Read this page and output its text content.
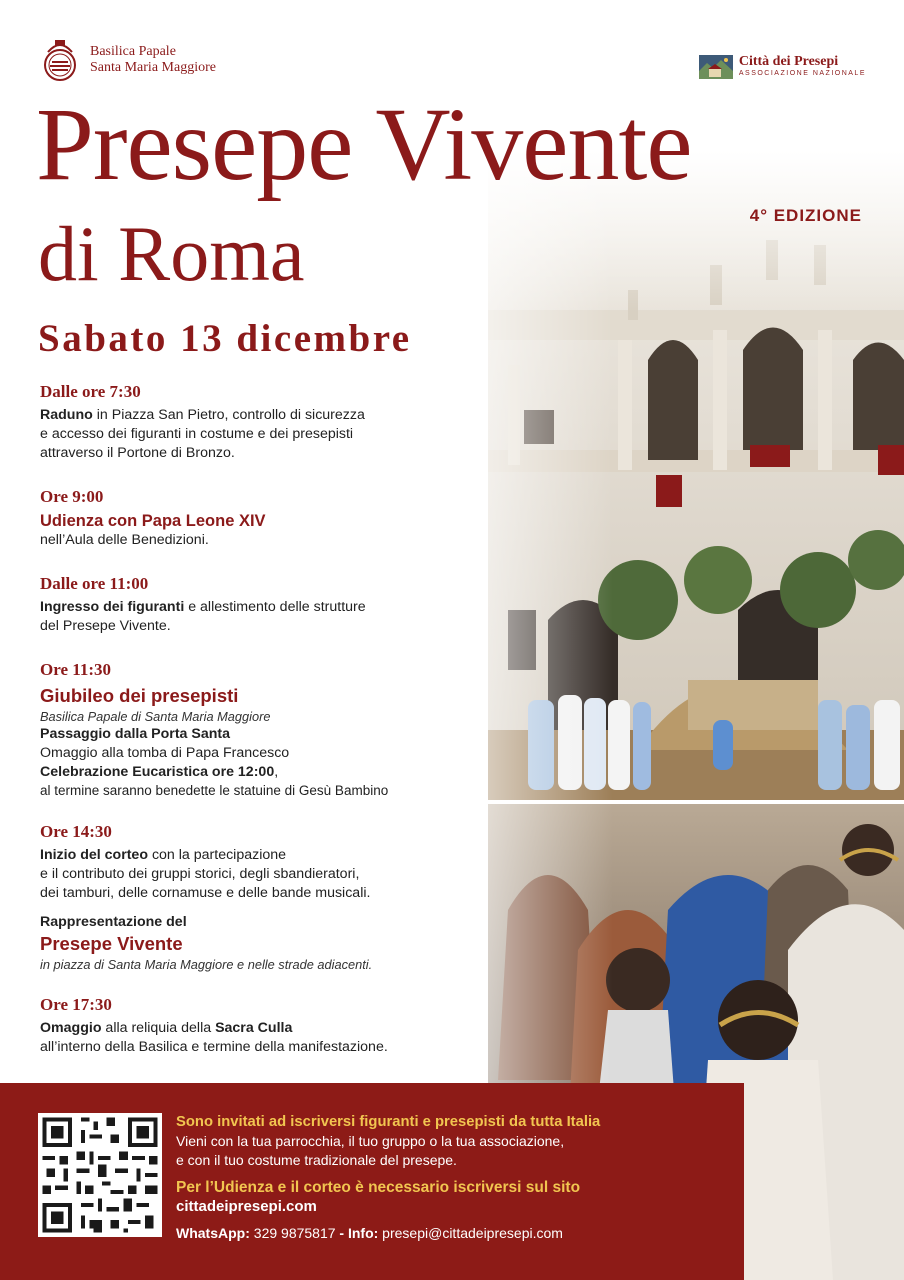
Basilica Papale
Santa Maria Maggiore	Città dei Presepi
ASSOCIAZIONE NAZIONALE
Presepe Vivente
4° EDIZIONE
di Roma
Sabato 13 dicembre
Dalle ore 7:30
Raduno in Piazza San Pietro, controllo di sicurezza
e accesso dei figuranti in costume e dei presepisti
attraverso il Portone di Bronzo.
Ore 9:00
Udienza con Papa Leone XIV
nell’Aula delle Benedizioni.
Dalle ore 11:00
Ingresso dei figuranti e allestimento delle strutture
del Presepe Vivente.
Ore 11:30
Giubileo dei presepisti
Basilica Papale di Santa Maria Maggiore
Passaggio dalla Porta Santa
Omaggio alla tomba di Papa Francesco
Celebrazione Eucaristica ore 12:00,
al termine saranno benedette le statuine di Gesù Bambino
Ore 14:30
Inizio del corteo con la partecipazione
e il contributo dei gruppi storici, degli sbandieratori,
dei tamburi, delle cornamuse e delle bande musicali.
Rappresentazione del
Presepe Vivente
in piazza di Santa Maria Maggiore e nelle strade adiacenti.
Ore 17:30
Omaggio alla reliquia della Sacra Culla
all’interno della Basilica e termine della manifestazione.
Sono invitati ad iscriversi figuranti e presepisti da tutta Italia
Vieni con la tua parrocchia, il tuo gruppo o la tua associazione,
e con il tuo costume tradizionale del presepe.
Per l’Udienza e il corteo è necessario iscriversi sul sito
cittadeipresepi.com
WhatsApp: 329 9875817 - Info: presepi@cittadeipresepi.com
